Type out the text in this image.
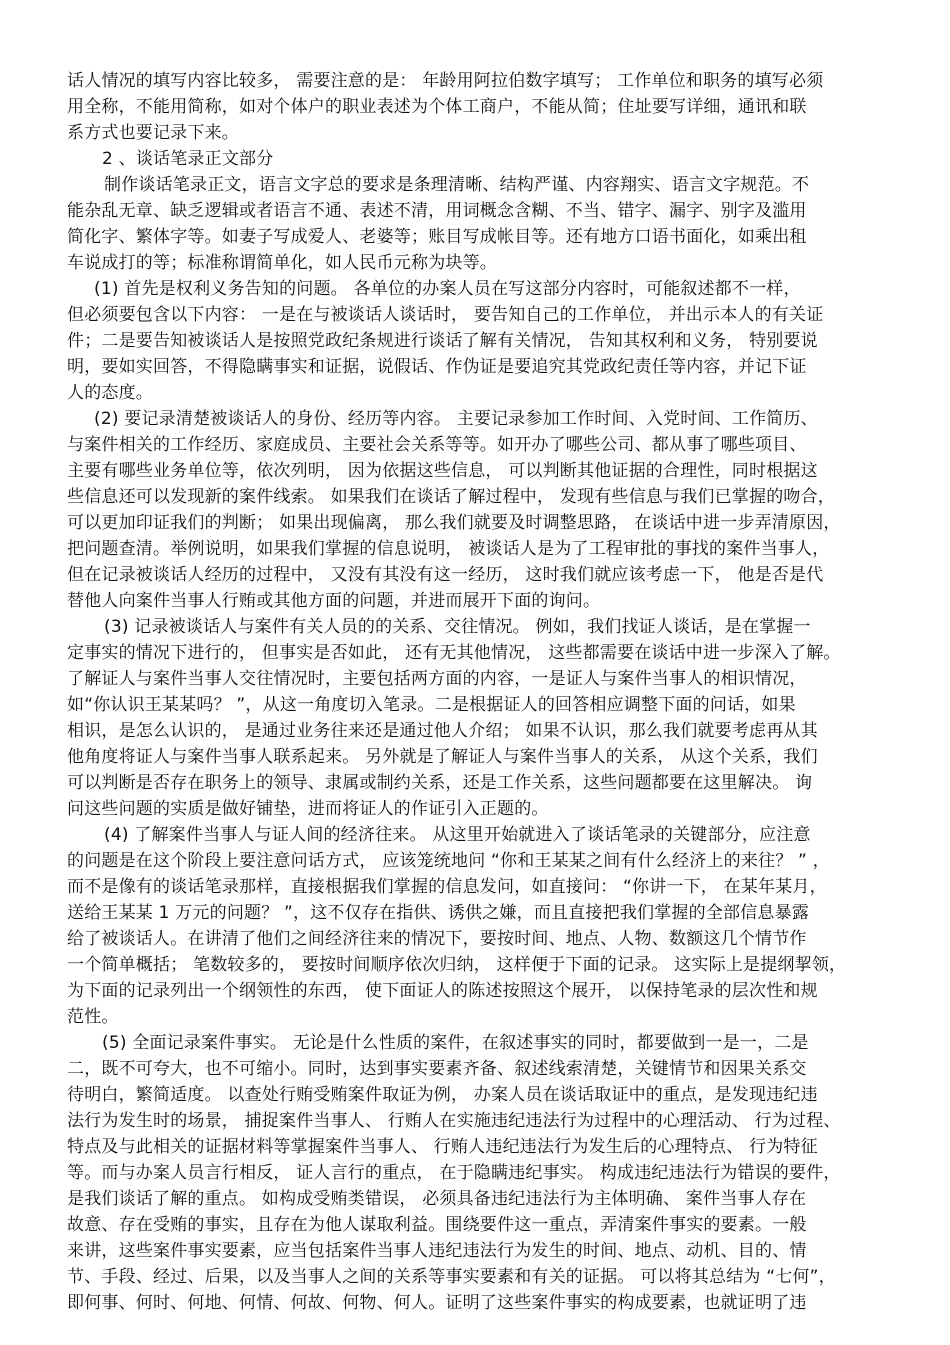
话人情况的填写内容比较多， 需要注意的是： 年龄用阿拉伯数字填写； 工作单位和职务的填写必须
用全称，不能用简称，如对个体户的职业表述为个体工商户，不能从简；住址要写详细，通讯和联
系方式也要记录下来。
2 、谈话笔录正文部分
制作谈话笔录正文，语言文字总的要求是条理清晰、结构严谨、内容翔实、语言文字规范。不
能杂乱无章、缺乏逻辑或者语言不通、表述不清，用词概念含糊、不当、错字、漏字、别字及滥用
简化字、繁体字等。如妻子写成爱人、老婆等；账目写成帐目等。还有地方口语书面化，如乘出租
车说成打的等；标准称谓简单化，如人民币元称为块等。
(1) 首先是权利义务告知的问题。 各单位的办案人员在写这部分内容时，可能叙述都不一样，
但必须要包含以下内容： 一是在与被谈话人谈话时， 要告知自己的工作单位， 并出示本人的有关证
件；二是要告知被谈话人是按照党政纪条规进行谈话了解有关情况， 告知其权利和义务， 特别要说
明，要如实回答，不得隐瞒事实和证据，说假话、作伪证是要追究其党政纪责任等内容，并记下证
人的态度。
(2) 要记录清楚被谈话人的身份、经历等内容。 主要记录参加工作时间、入党时间、工作简历、
与案件相关的工作经历、家庭成员、主要社会关系等等。如开办了哪些公司、都从事了哪些项目、
主要有哪些业务单位等，依次列明， 因为依据这些信息， 可以判断其他证据的合理性，同时根据这
些信息还可以发现新的案件线索。 如果我们在谈话了解过程中， 发现有些信息与我们已掌握的吻合，
可以更加印证我们的判断； 如果出现偏离， 那么我们就要及时调整思路， 在谈话中进一步弄清原因，
把问题查清。举例说明，如果我们掌握的信息说明， 被谈话人是为了工程审批的事找的案件当事人，
但在记录被谈话人经历的过程中， 又没有其没有这一经历， 这时我们就应该考虑一下， 他是否是代
替他人向案件当事人行贿或其他方面的问题，并进而展开下面的询问。
(3) 记录被谈话人与案件有关人员的的关系、交往情况。 例如，我们找证人谈话，是在掌握一
定事实的情况下进行的， 但事实是否如此， 还有无其他情况， 这些都需要在谈话中进一步深入了解。
了解证人与案件当事人交往情况时，主要包括两方面的内容，一是证人与案件当事人的相识情况，
如“你认识王某某吗？ ”，从这一角度切入笔录。二是根据证人的回答相应调整下面的问话，如果
相识，是怎么认识的， 是通过业务往来还是通过他人介绍； 如果不认识，那么我们就要考虑再从其
他角度将证人与案件当事人联系起来。 另外就是了解证人与案件当事人的关系， 从这个关系，我们
可以判断是否存在职务上的领导、隶属或制约关系，还是工作关系，这些问题都要在这里解决。 询
问这些问题的实质是做好铺垫，进而将证人的作证引入正题的。
(4) 了解案件当事人与证人间的经济往来。 从这里开始就进入了谈话笔录的关键部分，应注意
的问题是在这个阶段上要注意问话方式， 应该笼统地问 “你和王某某之间有什么经济上的来往？ ” ，
而不是像有的谈话笔录那样，直接根据我们掌握的信息发问，如直接问： “你讲一下， 在某年某月，
送给王某某 1 万元的问题？ ”，这不仅存在指供、诱供之嫌，而且直接把我们掌握的全部信息暴露
给了被谈话人。在讲清了他们之间经济往来的情况下，要按时间、地点、人物、数额这几个情节作
一个简单概括； 笔数较多的， 要按时间顺序依次归纳， 这样便于下面的记录。 这实际上是提纲挈领，
为下面的记录列出一个纲领性的东西， 使下面证人的陈述按照这个展开， 以保持笔录的层次性和规
范性。
(5) 全面记录案件事实。 无论是什么性质的案件，在叙述事实的同时，都要做到一是一，二是
二，既不可夸大，也不可缩小。同时，达到事实要素齐备、叙述线索清楚，关键情节和因果关系交
待明白，繁简适度。 以查处行贿受贿案件取证为例， 办案人员在谈话取证中的重点，是发现违纪违
法行为发生时的场景， 捕捉案件当事人、 行贿人在实施违纪违法行为过程中的心理活动、 行为过程、
特点及与此相关的证据材料等掌握案件当事人、 行贿人违纪违法行为发生后的心理特点、 行为特征
等。而与办案人员言行相反， 证人言行的重点， 在于隐瞒违纪事实。 构成违纪违法行为错误的要件，
是我们谈话了解的重点。 如构成受贿类错误， 必须具备违纪违法行为主体明确、 案件当事人存在
故意、存在受贿的事实，且存在为他人谋取利益。围绕要件这一重点，弄清案件事实的要素。一般
来讲，这些案件事实要素，应当包括案件当事人违纪违法行为发生的时间、地点、动机、目的、情
节、手段、经过、后果，以及当事人之间的关系等事实要素和有关的证据。 可以将其总结为 “七何”，
即何事、何时、何地、何情、何故、何物、何人。证明了这些案件事实的构成要素，也就证明了违
